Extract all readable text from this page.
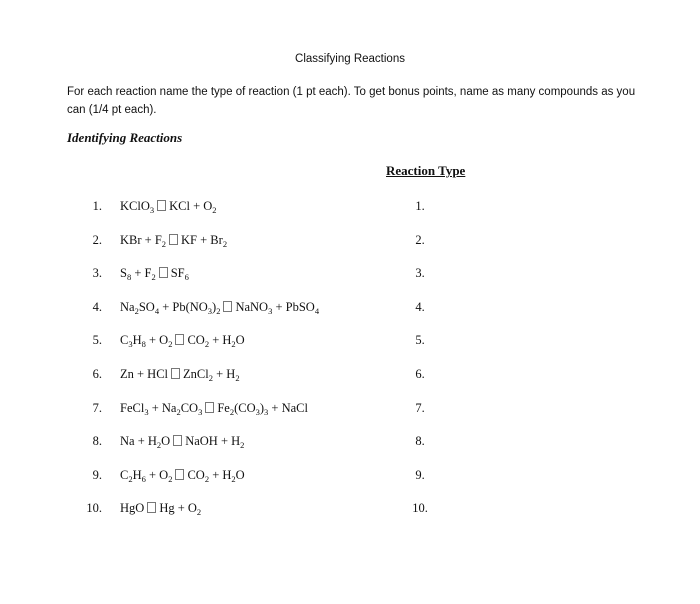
Classifying Reactions
For each reaction name the type of reaction (1 pt each). To get bonus points, name as many compounds as you can (1/4 pt each).
Identifying Reactions
Reaction Type
1. KClO$_3$ KCl + $O_2$	1.
2. KBr + $F_2$ KF + $Br_2$	2.
3. $S_8 + F_2$ $SF_6$	3.
4. $Na_2SO_4 + Pb(NO_3)_2$ NaNO$_3$ + PbSO$_4$	4.
5. $C_3H_8 + O_2$ $CO_2 + H_2O$	5.
6. Zn + HCl ZnCl$_2$ + $H_2$	6.
7. FeCl$_3$ + $Na_2CO_3$ $Fe_2(CO_3)_3$ + NaCl	7.
8. $Na + H_2O$ NaOH + $H_2$	8.
9. $C_2H_6 + O_2$ $CO_2 + H_2O$	9.
10. HgO $Hg + O_2$	10.
